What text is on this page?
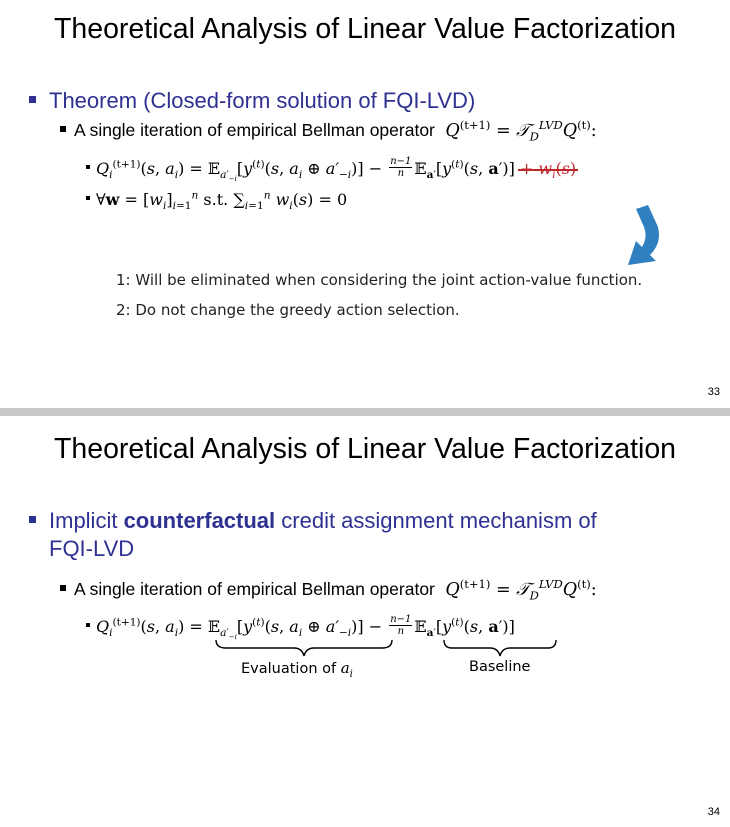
Theoretical Analysis of Linear Value Factorization
Theorem (Closed-form solution of FQI-LVD)
A single iteration of empirical Bellman operator  $Q^{(t+1)}$ = $𝒯_D^{LVD}Q^{(t)}$:
$Q_i^{(t+1)}(s$, $a_i$) = $𝔼_{a'_{-i}}[y^{(t)}(s$, $a_i$ ⊕ $a'_{-i})] - \frac{n-1}{n}$ $𝔼_{a'}[y^{(t)}(s$, $a')] + w_i(s)$
∀w = $[w_i]_{i=1}^n$ s.t. $\sum_{i=1}^n$ $w_i(s) = 0$
1: Will be eliminated when considering the joint action-value function.
2: Do not change the greedy action selection.
33
Theoretical Analysis of Linear Value Factorization
Implicit counterfactual credit assignment mechanism of
FQI-LVD
A single iteration of empirical Bellman operator  $Q^{(t+1)}$ = $𝒯_D^{LVD}Q^{(t)}$:
$Q_i^{(t+1)}(s$, $a_i$) = $𝔼_{a'_{-i}}[y^{(t)}(s$, $a_i$ ⊕ $a'_{-i})] - \frac{n-1}{n}$ $𝔼_{a'}[y^{(t)}(s$, a′)]
Evaluation of $a_i$	Baseline
34
